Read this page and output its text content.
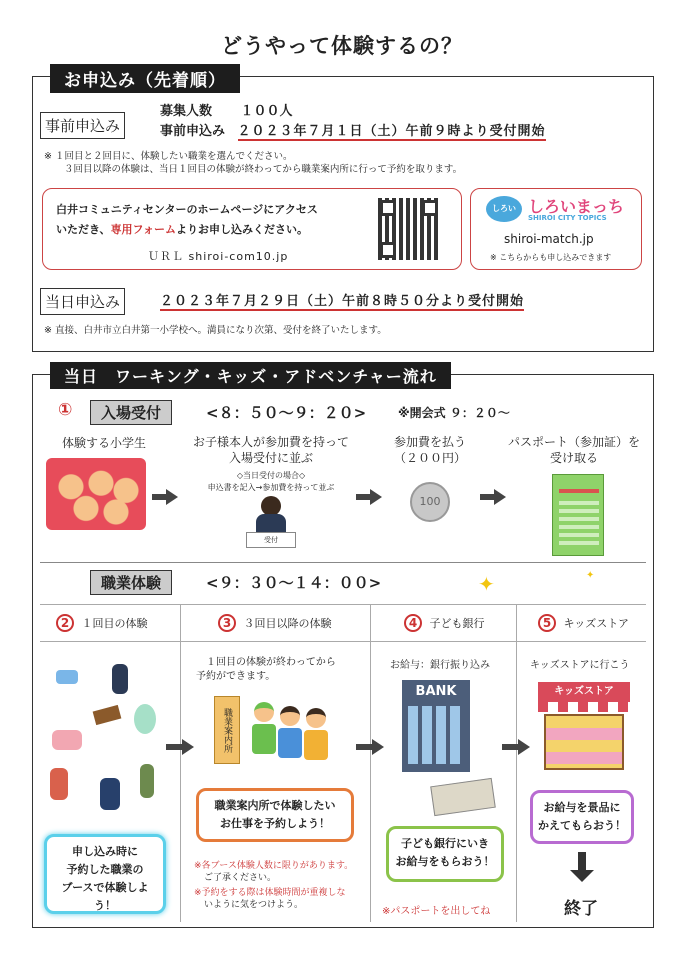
どうやって体験するの？
お申込み（先着順）
事前申込み
募集人数 １００人
事前申込み ２０２３年７月１日（土）午前９時より受付開始
※ １回目と２回目に、体験したい職業を選んでください。
３回目以降の体験は、当日１回目の体験が終わってから職業案内所に行って予約を取ります。
白井コミュニティセンターのホームページにアクセス
いただき、専用フォームよりお申し込みください。
ＵＲＬ shiroi-com10.jp
しろい しろいまっち
SHIROI CITY TOPICS
shiroi-match.jp
※ こちらからも申し込みできます
当日申込み	２０２３年７月２９日（土）午前８時５０分より受付開始
※ 直接、白井市立白井第一小学校へ。満員になり次第、受付を終了いたします。
当日　ワーキング・キッズ・アドベンチャー流れ
①	入場受付	<８：５０～９：２０>	※開会式 ９：２０～
体験する小学生	お子様本人が参加費を持って
入場受付に並ぶ
◇当日受付の場合◇
申込書を記入→参加費を持って並ぶ
受付
参加費を払う
（２００円）
100
パスポート（参加証）を
受け取る
職業体験	<９：３０～１４：００>	✦	✦
2 １回目の体験	3 ３回目以降の体験	4 子ども銀行	5 キッズストア
申し込み時に
予約した職業の
ブースで体験しよう！
１回目の体験が終わってから
予約ができます。
職業案内所
職業案内所で体験したい
お仕事を予約しよう！
※各ブース体験人数に限りがあります。
ご了承ください。
※予約をする際は体験時間が重複しな
いように気をつけよう。
お給与：銀行振り込み
BANK
子ども銀行にいき
お給与をもらおう！
※パスポートを出してね
キッズストアに行こう
キッズストア
お給与を景品に
かえてもらおう！
終了
